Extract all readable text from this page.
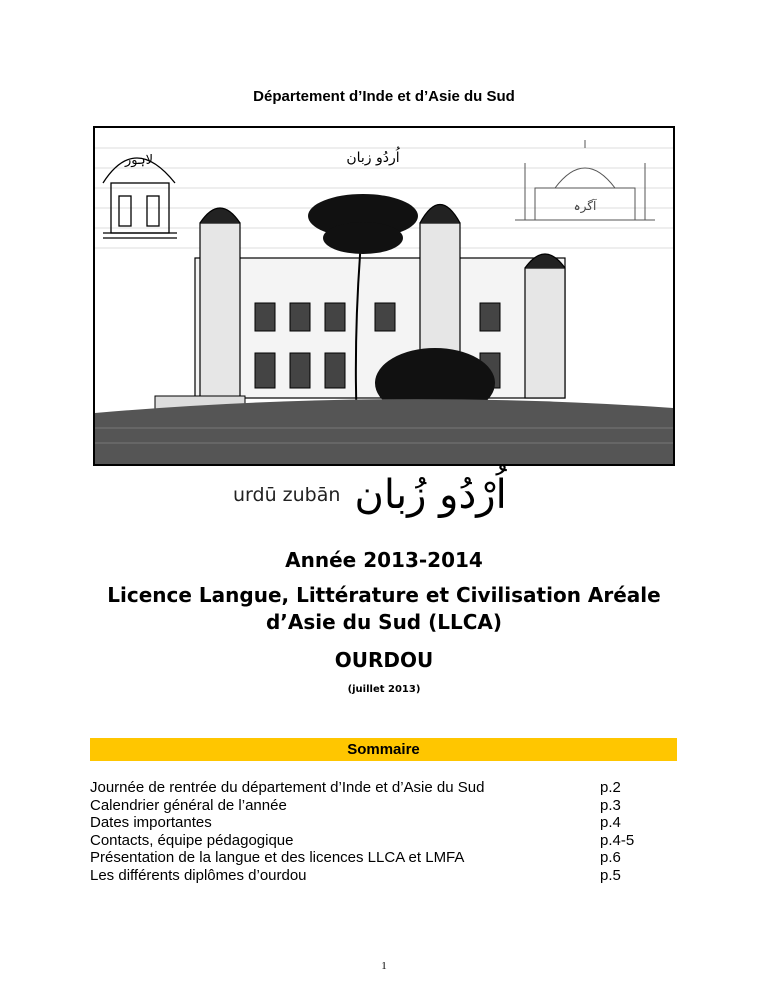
Département d’Inde et d’Asie du Sud
لاہور	اُردُو زبان
آگرہ
urdū zubān اُرْدُو زُبان
Année 2013-2014
Licence Langue, Littérature et Civilisation Aréale
d’Asie du Sud (LLCA)
OURDOU
(juillet 2013)
Sommaire
Journée de rentrée du département d’Inde et d’Asie du Sud	p.2
Calendrier général de l’année	p.3
Dates importantes	p.4
Contacts, équipe pédagogique	p.4-5
Présentation de la langue et des licences LLCA et LMFA	p.6
Les différents diplômes d’ourdou	p.5
1
